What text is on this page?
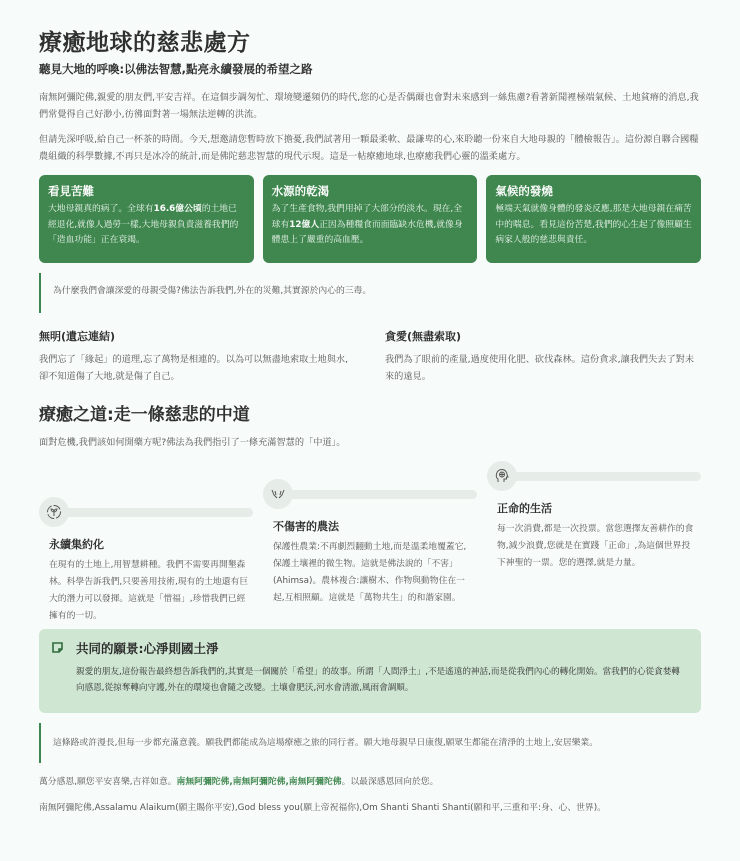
療癒地球的慈悲處方
聽見大地的呼喚:以佛法智慧,點亮永續發展的希望之路

南無阿彌陀佛,親愛的朋友們,平安吉祥。在這個步調匆忙、環境變遷頻仍的時代,您的心是否偶爾也會對未來感到一絲焦慮?看著新聞裡極端氣候、土地貧瘠的消息,我們常覺得自己好渺小,彷彿面對著一場無法逆轉的洪流。

但請先深呼吸,給自己一杯茶的時間。今天,想邀請您暫時放下擔憂,我們試著用一顆最柔軟、最謙卑的心,來聆聽一份來自大地母親的「體檢報告」。這份源自聯合國糧農組織的科學數據,不再只是冰冷的統計,而是佛陀慈悲智慧的現代示現。這是一帖療癒地球,也療癒我們心靈的溫柔處方。

看見苦難

大地母親真的病了。全球有16.6億公頃的土地已經退化,就像人過勞一樣,大地母親負責滋養我們的「造血功能」正在衰竭。

水源的乾渴

為了生產食物,我們用掉了大部分的淡水。現在,全球有12億人正因為種糧食而面臨缺水危機,就像身體患上了嚴重的高血壓。

氣候的發燒

極端天氣就像身體的發炎反應,那是大地母親在痛苦中的喘息。看見這份苦楚,我們的心生起了像照顧生病家人般的慈悲與責任。

為什麼我們會讓深愛的母親受傷?佛法告訴我們,外在的災難,其實源於內心的三毒。
無明(遺忘連結)

我們忘了「緣起」的道理,忘了萬物是相連的。以為可以無盡地索取土地與水,卻不知道傷了大地,就是傷了自己。

貪愛(無盡索取)

我們為了眼前的產量,過度使用化肥、砍伐森林。這份貪求,讓我們失去了對未來的遠見。

療癒之道:走一條慈悲的中道
面對危機,我們該如何開藥方呢?佛法為我們指引了一條充滿智慧的「中道」。
永續集約化

在現有的土地上,用智慧耕種。我們不需要再開墾森林。科學告訴我們,只要善用技術,現有的土地還有巨大的潛力可以發揮。這就是「惜福」,珍惜我們已經擁有的一切。

不傷害的農法

保護性農業:不再劇烈翻動土地,而是溫柔地覆蓋它,保護土壤裡的微生物。這就是佛法說的「不害」(Ahimsa)。農林複合:讓樹木、作物與動物住在一起,互相照顧。這就是「萬物共生」的和諧家園。

正命的生活

每一次消費,都是一次投票。當您選擇友善耕作的食物,減少浪費,您就是在實踐「正命」,為這個世界投下神聖的一票。您的選擇,就是力量。

共同的願景:心淨則國土淨

親愛的朋友,這份報告最終想告訴我們的,其實是一個關於「希望」的故事。所謂「人間淨土」,不是遙遠的神話,而是從我們內心的轉化開始。當我們的心從貪婪轉向感恩,從掠奪轉向守護,外在的環境也會隨之改變。土壤會肥沃,河水會清澈,風雨會調順。

這條路或許漫長,但每一步都充滿意義。願我們都能成為這場療癒之旅的同行者。願大地母親早日康復,願眾生都能在清淨的土地上,安居樂業。
萬分感恩,願您平安喜樂,吉祥如意。南無阿彌陀佛,南無阿彌陀佛,南無阿彌陀佛。以最深感恩回向於您。
南無阿彌陀佛,Assalamu Alaikum(願主賜你平安),God bless you(願上帝祝福你),Om Shanti Shanti Shanti(願和平,三重和平:身、心、世界)。
